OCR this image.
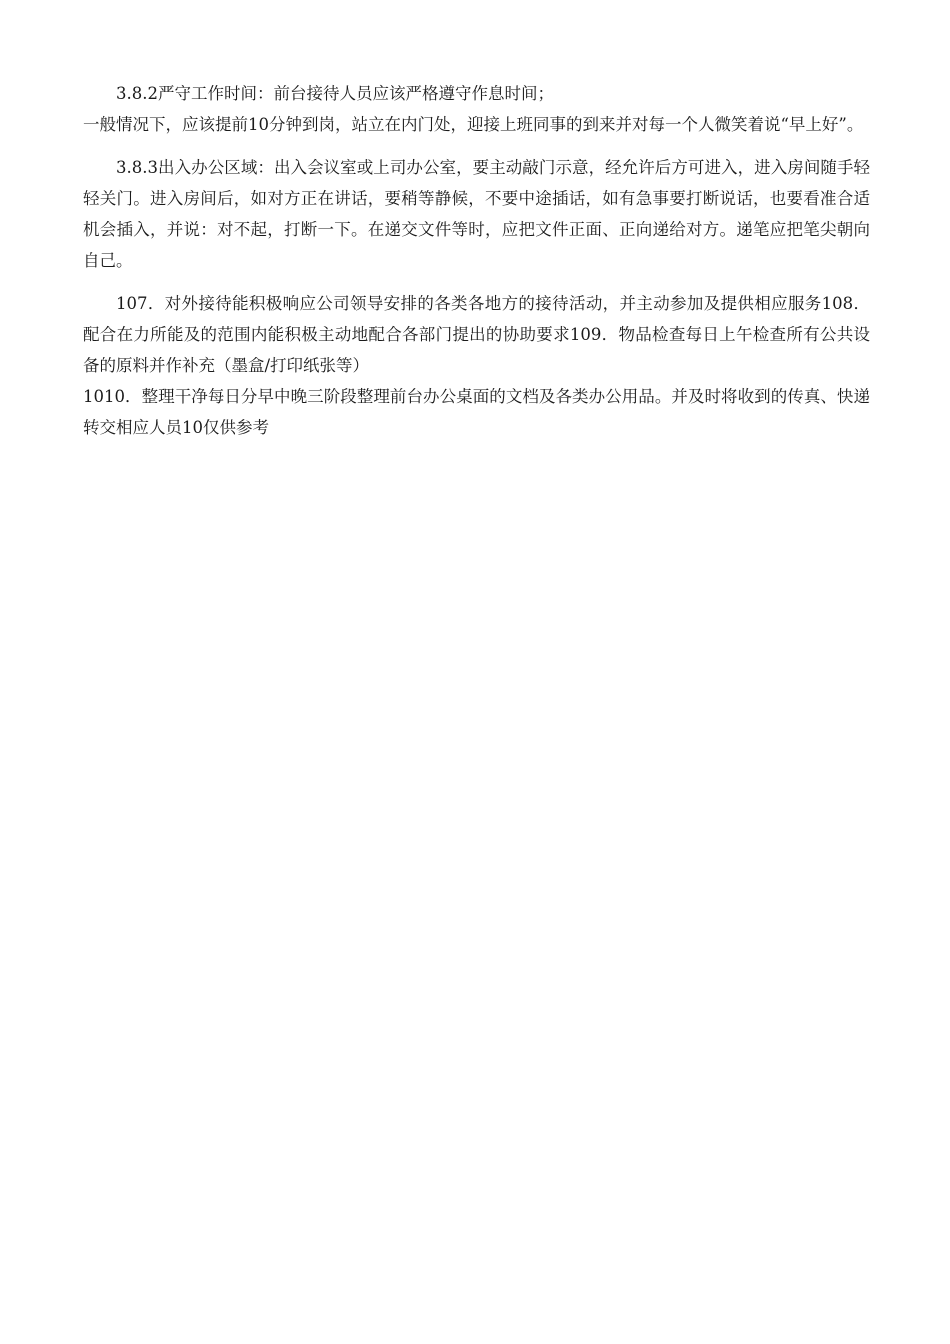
3.8.2严守工作时间：前台接待人员应该严格遵守作息时间；

一般情况下，应该提前10分钟到岗，站立在内门处，迎接上班同事的到来并对每一个人微笑着说“早上好”。

3.8.3出入办公区域：出入会议室或上司办公室，要主动敲门示意，经允许后方可进入，进入房间随手轻轻关门。进入房间后，如对方正在讲话，要稍等静候，不要中途插话，如有急事要打断说话，也要看准合适机会插入，并说：对不起，打断一下。在递交文件等时，应把文件正面、正向递给对方。递笔应把笔尖朝向自己。

107．对外接待能积极响应公司领导安排的各类各地方的接待活动，并主动参加及提供相应服务108．配合在力所能及的范围内能积极主动地配合各部门提出的协助要求109．物品检查每日上午检查所有公共设备的原料并作补充（墨盒/打印纸张等）

1010．整理干净每日分早中晚三阶段整理前台办公桌面的文档及各类办公用品。并及时将收到的传真、快递转交相应人员10仅供参考
